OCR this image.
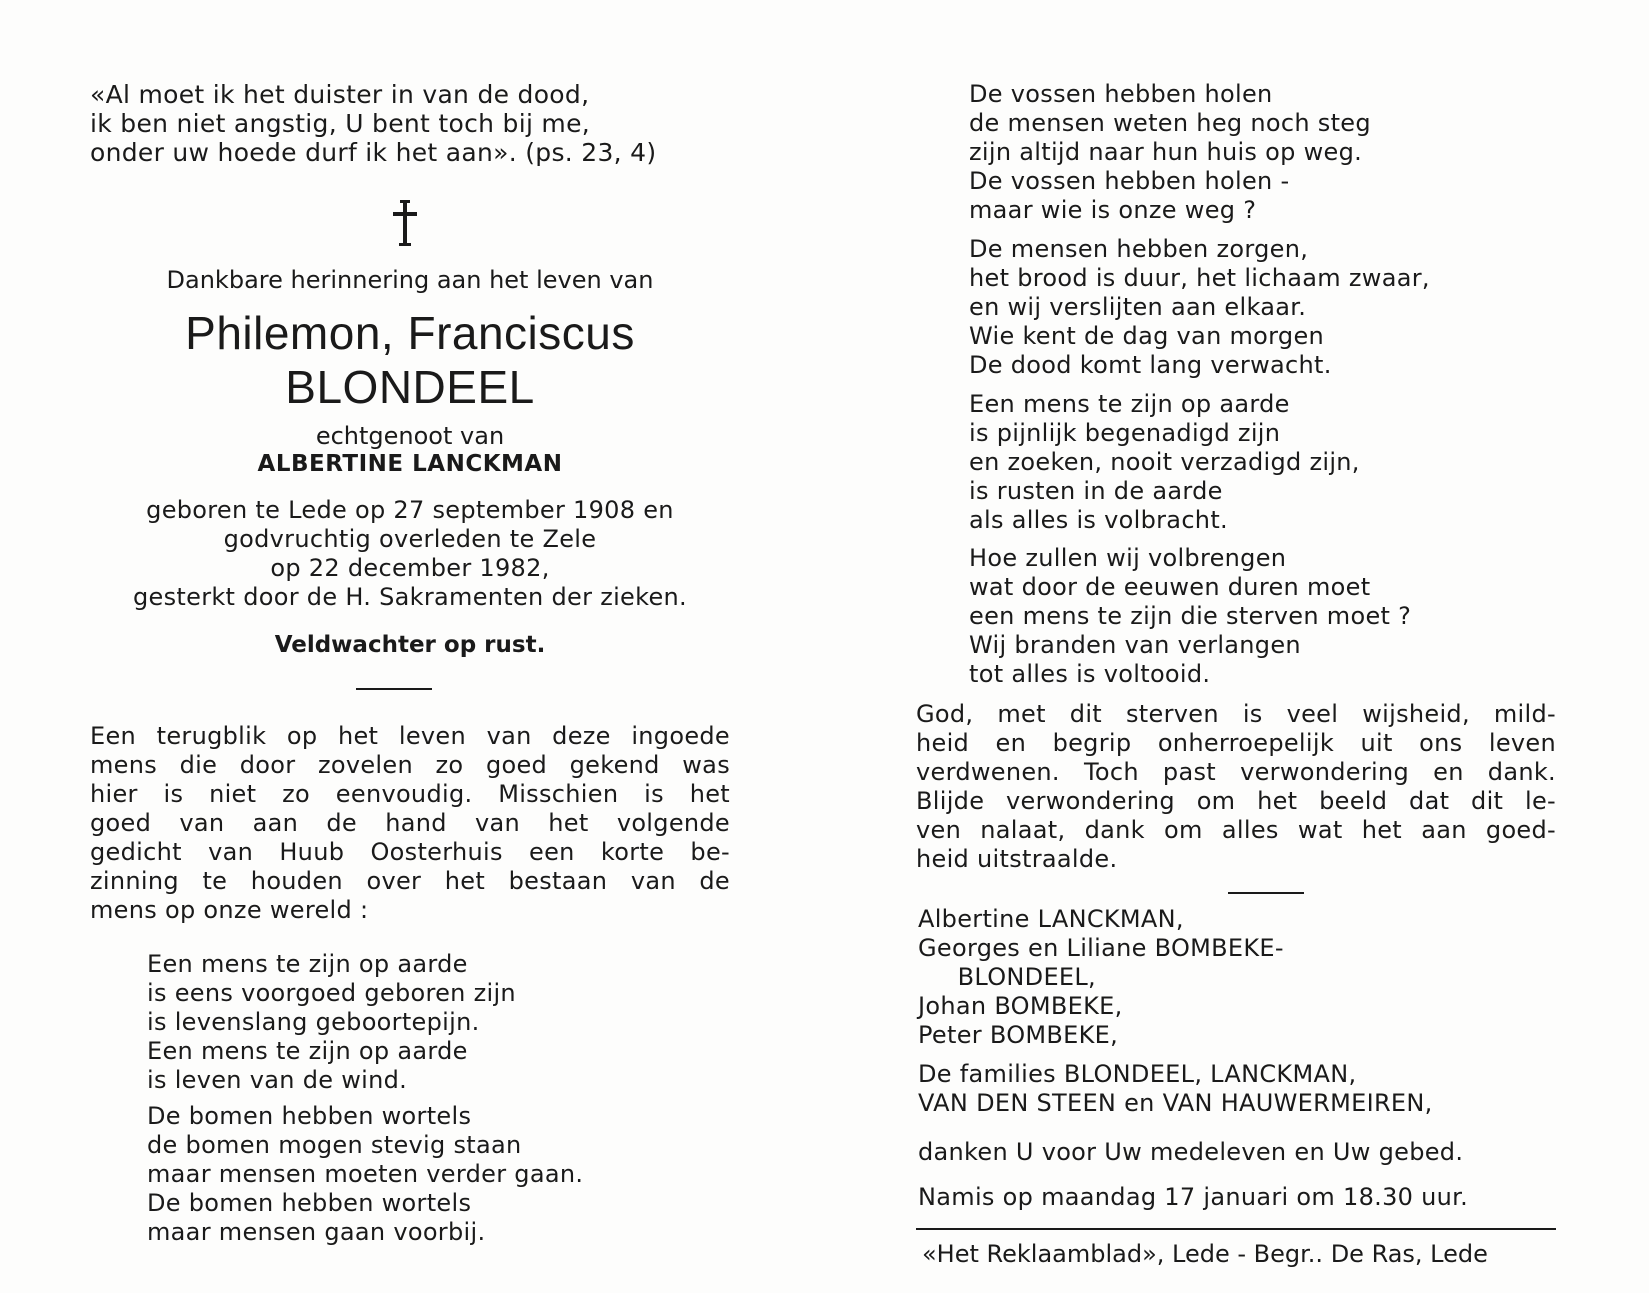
«Al moet ik het duister in van de dood,
ik ben niet angstig, U bent toch bij me,
onder uw hoede durf ik het aan». (ps. 23, 4)
Dankbare herinnering aan het leven van
Philemon, Franciscus
BLONDEEL
echtgenoot van
ALBERTINE LANCKMAN
geboren te Lede op 27 september 1908 en
godvruchtig overleden te Zele
op 22 december 1982,
gesterkt door de H. Sakramenten der zieken.
Veldwachter op rust.
Een terugblik op het leven van deze ingoede
mens die door zovelen zo goed gekend was
hier is niet zo eenvoudig. Misschien is het
goed van aan de hand van het volgende
gedicht van Huub Oosterhuis een korte be-
zinning te houden over het bestaan van de
mens op onze wereld :
Een mens te zijn op aarde
is eens voorgoed geboren zijn
is levenslang geboortepijn.
Een mens te zijn op aarde
is leven van de wind.
De bomen hebben wortels
de bomen mogen stevig staan
maar mensen moeten verder gaan.
De bomen hebben wortels
maar mensen gaan voorbij.
De vossen hebben holen
de mensen weten heg noch steg
zijn altijd naar hun huis op weg.
De vossen hebben holen -
maar wie is onze weg ?
De mensen hebben zorgen,
het brood is duur, het lichaam zwaar,
en wij verslijten aan elkaar.
Wie kent de dag van morgen
De dood komt lang verwacht.
Een mens te zijn op aarde
is pijnlijk begenadigd zijn
en zoeken, nooit verzadigd zijn,
is rusten in de aarde
als alles is volbracht.
Hoe zullen wij volbrengen
wat door de eeuwen duren moet
een mens te zijn die sterven moet ?
Wij branden van verlangen
tot alles is voltooid.
God, met dit sterven is veel wijsheid, mild-
heid en begrip onherroepelijk uit ons leven
verdwenen. Toch past verwondering en dank.
Blijde verwondering om het beeld dat dit le-
ven nalaat, dank om alles wat het aan goed-
heid uitstraalde.
Albertine LANCKMAN,
Georges en Liliane BOMBEKE-
BLONDEEL,
Johan BOMBEKE,
Peter BOMBEKE,
De families BLONDEEL, LANCKMAN,
VAN DEN STEEN en VAN HAUWERMEIREN,
danken U voor Uw medeleven en Uw gebed.
Namis op maandag 17 januari om 18.30 uur.
«Het Reklaamblad», Lede - Begr.. De Ras, Lede
